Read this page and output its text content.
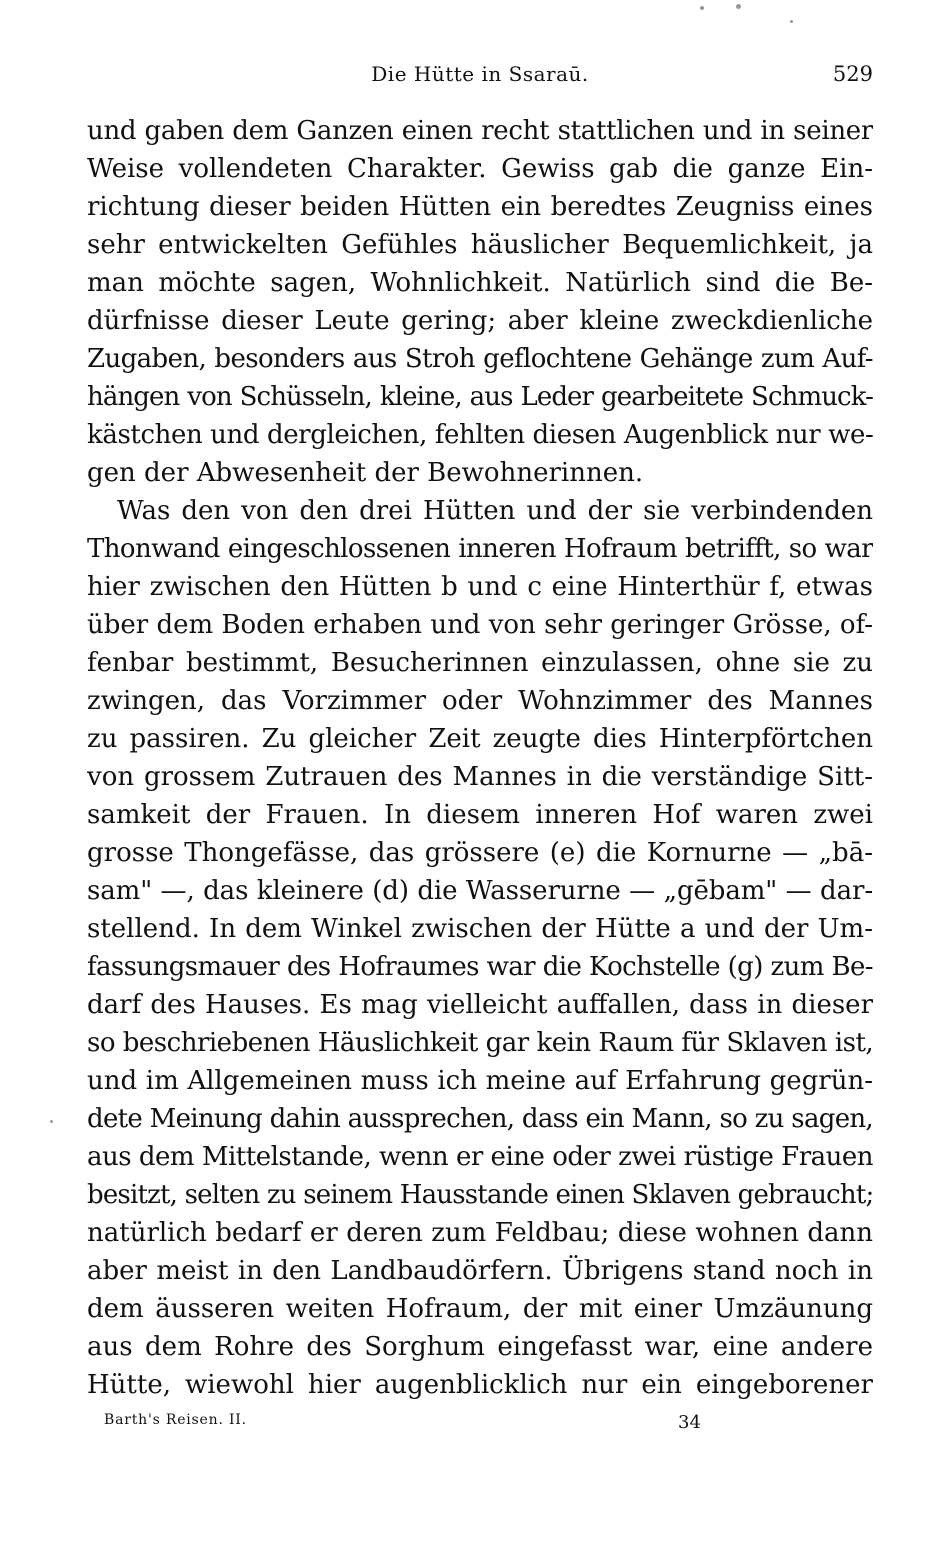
Die Hütte in Ssaraū.	529

und gaben dem Ganzen einen recht stattlichen und in seiner
Weise vollendeten Charakter. Gewiss gab die ganze Ein-
richtung dieser beiden Hütten ein beredtes Zeugniss eines
sehr entwickelten Gefühles häuslicher Bequemlichkeit, ja
man möchte sagen, Wohnlichkeit. Natürlich sind die Be-
dürfnisse dieser Leute gering; aber kleine zweckdienliche
Zugaben, besonders aus Stroh geflochtene Gehänge zum Auf-
hängen von Schüsseln, kleine, aus Leder gearbeitete Schmuck-
kästchen und dergleichen, fehlten diesen Augenblick nur we-
gen der Abwesenheit der Bewohnerinnen.

Was den von den drei Hütten und der sie verbindenden
Thonwand eingeschlossenen inneren Hofraum betrifft, so war
hier zwischen den Hütten b und c eine Hinterthür f, etwas
über dem Boden erhaben und von sehr geringer Grösse, of-
fenbar bestimmt, Besucherinnen einzulassen, ohne sie zu
zwingen, das Vorzimmer oder Wohnzimmer des Mannes
zu passiren. Zu gleicher Zeit zeugte dies Hinterpförtchen
von grossem Zutrauen des Mannes in die verständige Sitt-
samkeit der Frauen. In diesem inneren Hof waren zwei
grosse Thongefässe, das grössere (e) die Kornurne — „bā-
sam" —, das kleinere (d) die Wasserurne — „gēbam" — dar-
stellend. In dem Winkel zwischen der Hütte a und der Um-
fassungsmauer des Hofraumes war die Kochstelle (g) zum Be-
darf des Hauses. Es mag vielleicht auffallen, dass in dieser
so beschriebenen Häuslichkeit gar kein Raum für Sklaven ist,
und im Allgemeinen muss ich meine auf Erfahrung gegrün-
dete Meinung dahin aussprechen, dass ein Mann, so zu sagen,
aus dem Mittelstande, wenn er eine oder zwei rüstige Frauen
besitzt, selten zu seinem Hausstande einen Sklaven gebraucht;
natürlich bedarf er deren zum Feldbau; diese wohnen dann
aber meist in den Landbaudörfern. Übrigens stand noch in
dem äusseren weiten Hofraum, der mit einer Umzäunung
aus dem Rohre des Sorghum eingefasst war, eine andere
Hütte, wiewohl hier augenblicklich nur ein eingeborener

Barth's Reisen. II.	34
